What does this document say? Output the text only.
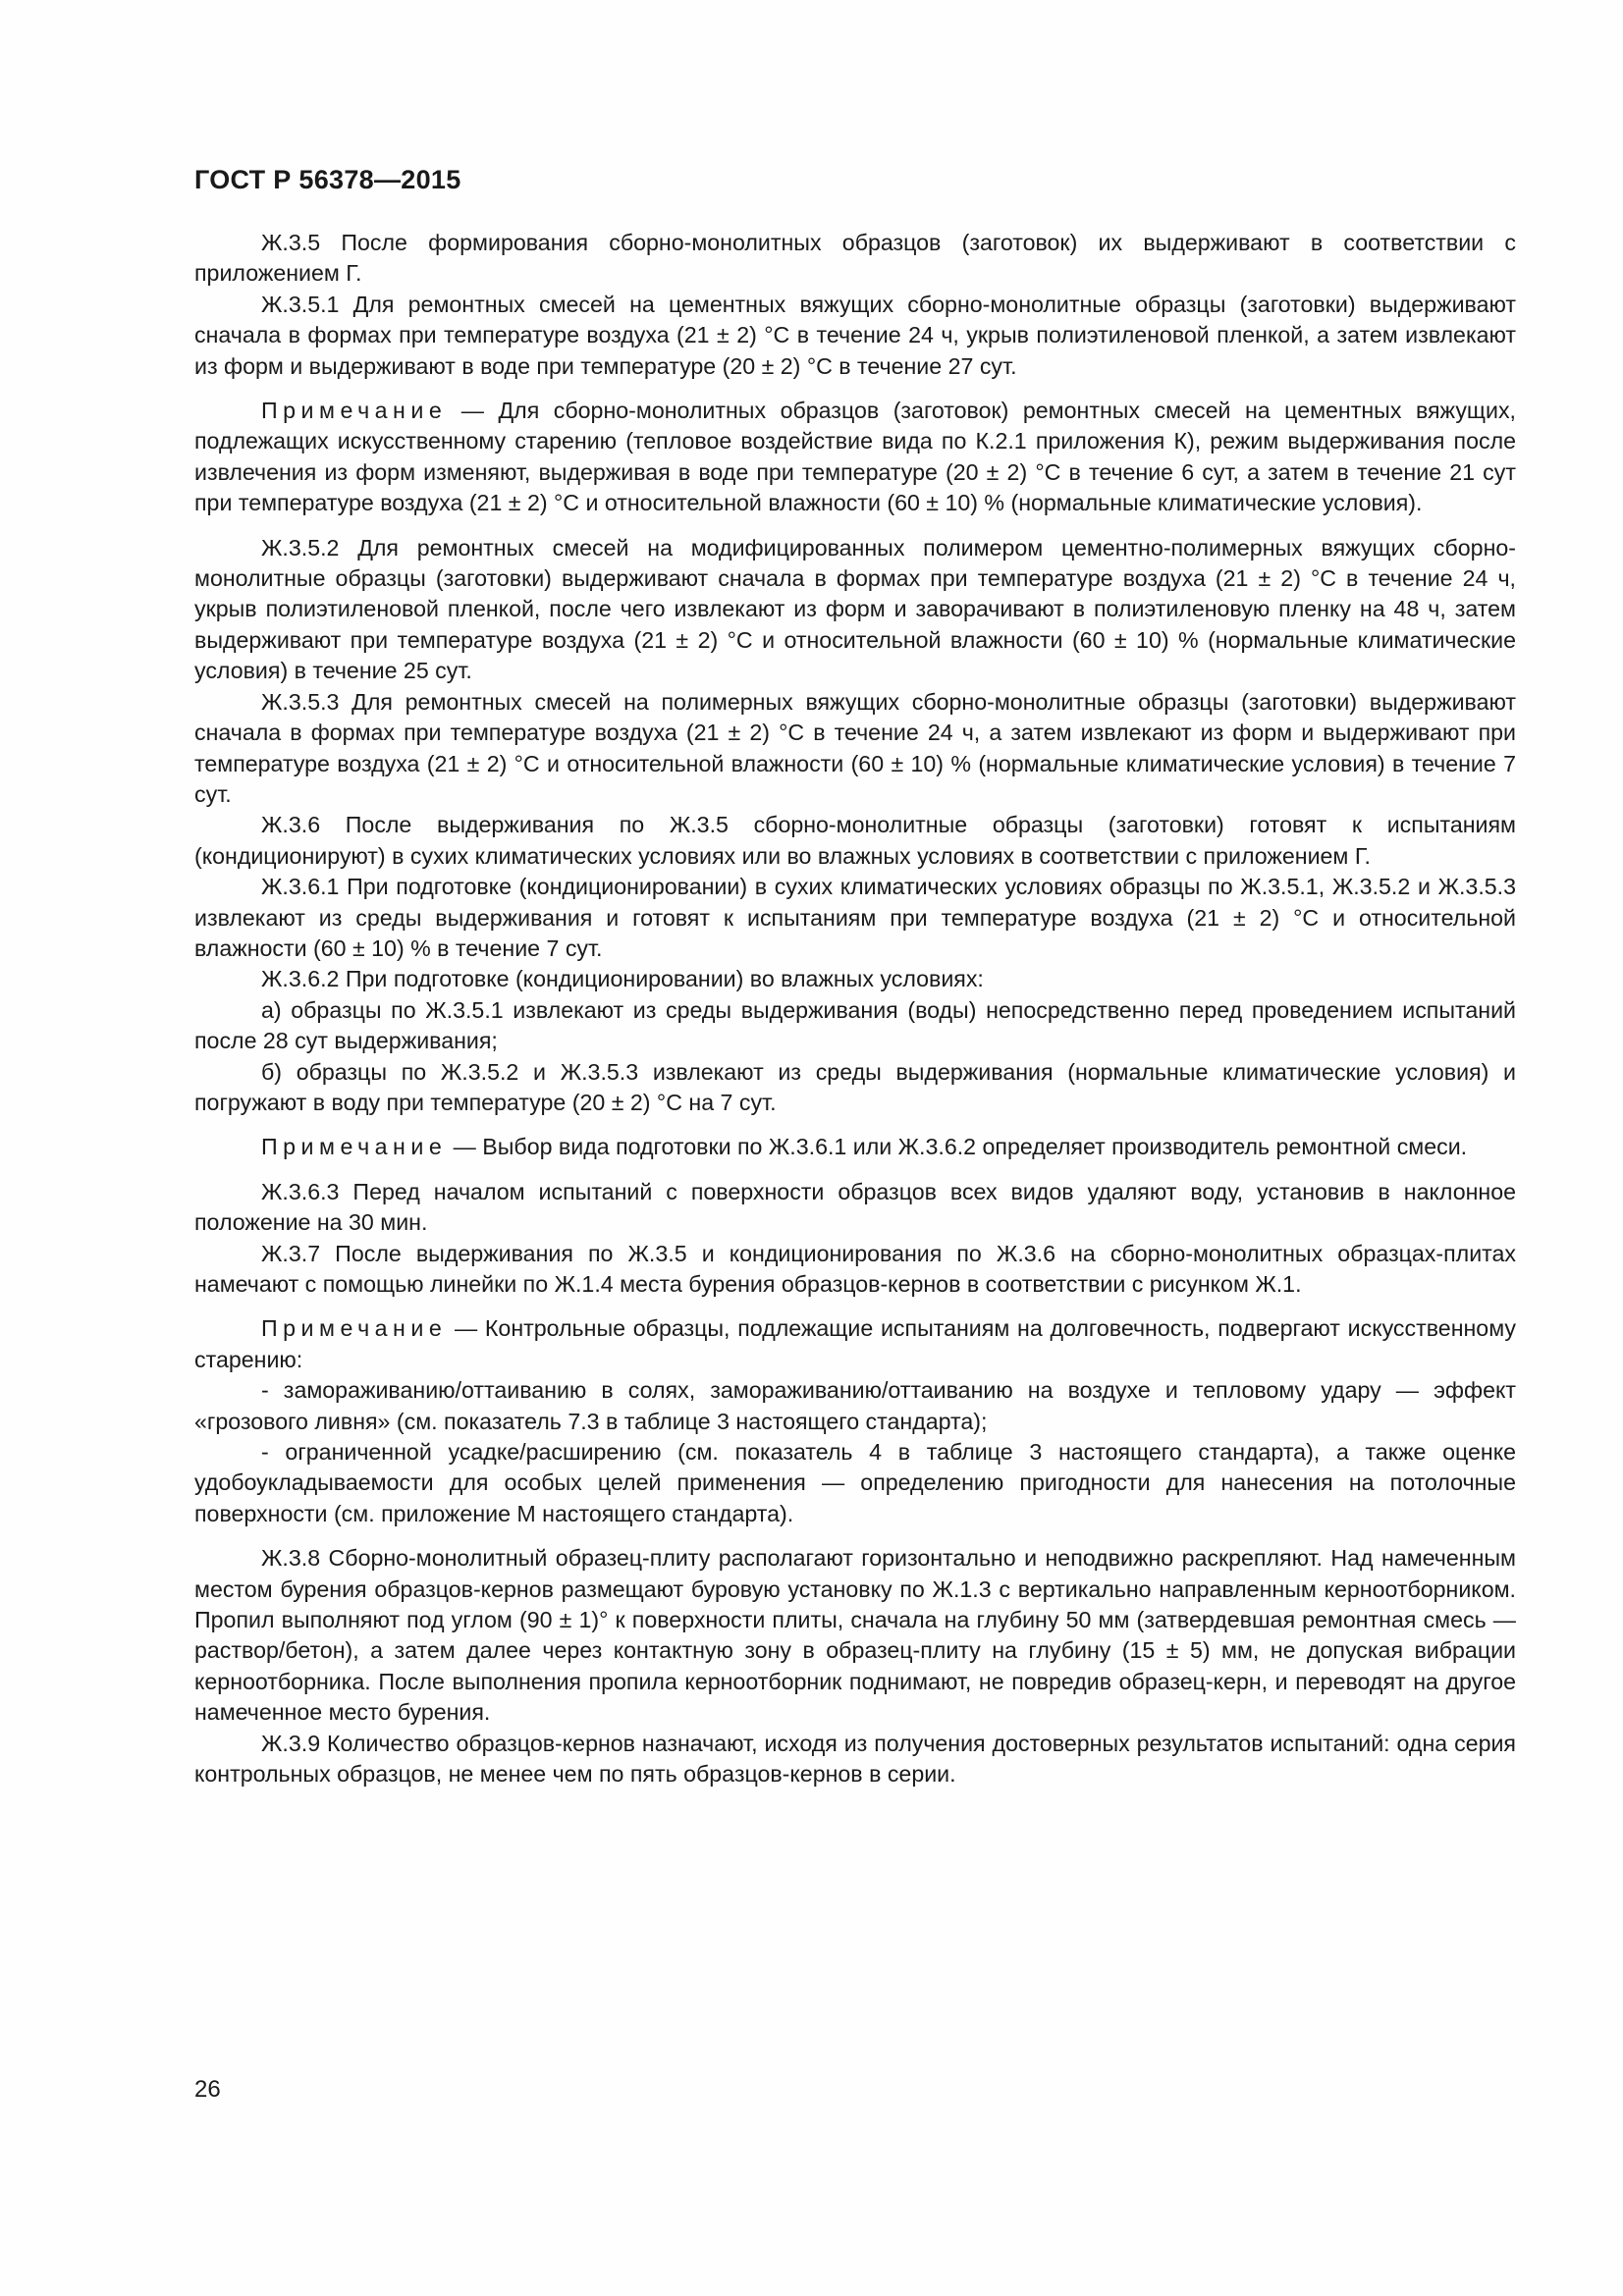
ГОСТ Р 56378—2015

Ж.3.5 После формирования сборно-монолитных образцов (заготовок) их выдерживают в соответствии с приложением Г.

Ж.3.5.1 Для ремонтных смесей на цементных вяжущих сборно-монолитные образцы (заготовки) выдерживают сначала в формах при температуре воздуха (21 ± 2) °C в течение 24 ч, укрыв полиэтиленовой пленкой, а затем извлекают из форм и выдерживают в воде при температуре (20 ± 2) °C в течение 27 сут.

Примечание — Для сборно-монолитных образцов (заготовок) ремонтных смесей на цементных вяжущих, подлежащих искусственному старению (тепловое воздействие вида по К.2.1 приложения К), режим выдерживания после извлечения из форм изменяют, выдерживая в воде при температуре (20 ± 2) °C в течение 6 сут, а затем в течение 21 сут при температуре воздуха (21 ± 2) °C и относительной влажности (60 ± 10) % (нормальные климатические условия).

Ж.3.5.2 Для ремонтных смесей на модифицированных полимером цементно-полимерных вяжущих сборно-монолитные образцы (заготовки) выдерживают сначала в формах при температуре воздуха (21 ± 2) °C в течение 24 ч, укрыв полиэтиленовой пленкой, после чего извлекают из форм и заворачивают в полиэтиленовую пленку на 48 ч, затем выдерживают при температуре воздуха (21 ± 2) °C и относительной влажности (60 ± 10) % (нормальные климатические условия) в течение 25 сут.

Ж.3.5.3 Для ремонтных смесей на полимерных вяжущих сборно-монолитные образцы (заготовки) выдерживают сначала в формах при температуре воздуха (21 ± 2) °C в течение 24 ч, а затем извлекают из форм и выдерживают при температуре воздуха (21 ± 2) °C и относительной влажности (60 ± 10) % (нормальные климатические условия) в течение 7 сут.

Ж.3.6 После выдерживания по Ж.3.5 сборно-монолитные образцы (заготовки) готовят к испытаниям (кондиционируют) в сухих климатических условиях или во влажных условиях в соответствии с приложением Г.

Ж.3.6.1 При подготовке (кондиционировании) в сухих климатических условиях образцы по Ж.3.5.1, Ж.3.5.2 и Ж.3.5.3 извлекают из среды выдерживания и готовят к испытаниям при температуре воздуха (21 ± 2) °C и относительной влажности (60 ± 10) % в течение 7 сут.

Ж.3.6.2 При подготовке (кондиционировании) во влажных условиях:

а) образцы по Ж.3.5.1 извлекают из среды выдерживания (воды) непосредственно перед проведением испытаний после 28 сут выдерживания;

б) образцы по Ж.3.5.2 и Ж.3.5.3 извлекают из среды выдерживания (нормальные климатические условия) и погружают в воду при температуре (20 ± 2) °C на 7 сут.

Примечание — Выбор вида подготовки по Ж.3.6.1 или Ж.3.6.2 определяет производитель ремонтной смеси.

Ж.3.6.3 Перед началом испытаний с поверхности образцов всех видов удаляют воду, установив в наклонное положение на 30 мин.

Ж.3.7 После выдерживания по Ж.3.5 и кондиционирования по Ж.3.6 на сборно-монолитных образцах-плитах намечают с помощью линейки по Ж.1.4 места бурения образцов-кернов в соответствии с рисунком Ж.1.

Примечание — Контрольные образцы, подлежащие испытаниям на долговечность, подвергают искусственному старению:

- замораживанию/оттаиванию в солях, замораживанию/оттаиванию на воздухе и тепловому удару — эффект «грозового ливня» (см. показатель 7.3 в таблице 3 настоящего стандарта);

- ограниченной усадке/расширению (см. показатель 4 в таблице 3 настоящего стандарта), а также оценке удобоукладываемости для особых целей применения — определению пригодности для нанесения на потолочные поверхности (см. приложение М настоящего стандарта).

Ж.3.8 Сборно-монолитный образец-плиту располагают горизонтально и неподвижно раскрепляют. Над намеченным местом бурения образцов-кернов размещают буровую установку по Ж.1.3 с вертикально направленным керноотборником. Пропил выполняют под углом (90 ± 1)° к поверхности плиты, сначала на глубину 50 мм (затвердевшая ремонтная смесь — раствор/бетон), а затем далее через контактную зону в образец-плиту на глубину (15 ± 5) мм, не допуская вибрации керноотборника. После выполнения пропила керноотборник поднимают, не повредив образец-керн, и переводят на другое намеченное место бурения.

Ж.3.9 Количество образцов-кернов назначают, исходя из получения достоверных результатов испытаний: одна серия контрольных образцов, не менее чем по пять образцов-кернов в серии.

26
